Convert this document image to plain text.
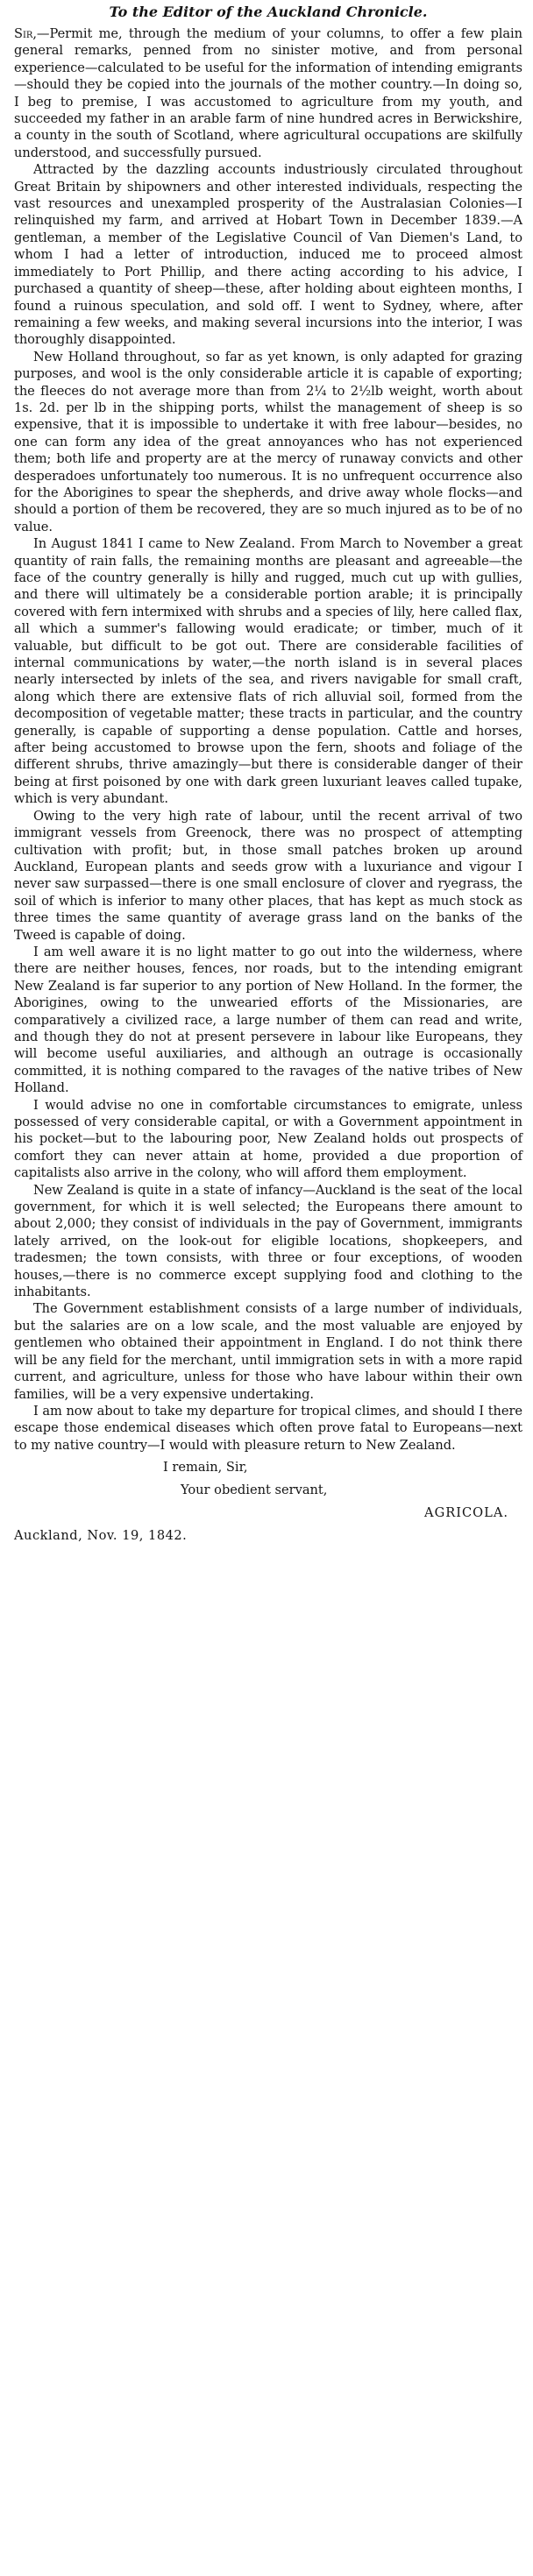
To the Editor of the Auckland Chronicle.

Sir,—Permit me, through the medium of your columns, to offer a few plain general remarks, penned from no sinister motive, and from personal experience—calculated to be useful for the information of intending emigrants—should they be copied into the journals of the mother country.—In doing so, I beg to premise, I was accustomed to agriculture from my youth, and succeeded my father in an arable farm of nine hundred acres in Berwickshire, a county in the south of Scotland, where agricultural occupations are skilfully understood, and successfully pursued.

Attracted by the dazzling accounts industriously circulated throughout Great Britain by shipowners and other interested individuals, respecting the vast resources and unexampled prosperity of the Australasian Colonies—I relinquished my farm, and arrived at Hobart Town in December 1839.—A gentleman, a member of the Legislative Council of Van Diemen's Land, to whom I had a letter of introduction, induced me to proceed almost immediately to Port Phillip, and there acting according to his advice, I purchased a quantity of sheep—these, after holding about eighteen months, I found a ruinous speculation, and sold off. I went to Sydney, where, after remaining a few weeks, and making several incursions into the interior, I was thoroughly disappointed.

New Holland throughout, so far as yet known, is only adapted for grazing purposes, and wool is the only considerable article it is capable of exporting; the fleeces do not average more than from 2¼ to 2½lb weight, worth about 1s. 2d. per lb in the shipping ports, whilst the management of sheep is so expensive, that it is impossible to undertake it with free labour—besides, no one can form any idea of the great annoyances who has not experienced them; both life and property are at the mercy of runaway convicts and other desperadoes unfortunately too numerous. It is no unfrequent occurrence also for the Aborigines to spear the shepherds, and drive away whole flocks—and should a portion of them be recovered, they are so much injured as to be of no value.

In August 1841 I came to New Zealand. From March to November a great quantity of rain falls, the remaining months are pleasant and agreeable—the face of the country generally is hilly and rugged, much cut up with gullies, and there will ultimately be a considerable portion arable; it is principally covered with fern intermixed with shrubs and a species of lily, here called flax, all which a summer's fallowing would eradicate; or timber, much of it valuable, but difficult to be got out. There are considerable facilities of internal communications by water,—the north island is in several places nearly intersected by inlets of the sea, and rivers navigable for small craft, along which there are extensive flats of rich alluvial soil, formed from the decomposition of vegetable matter; these tracts in particular, and the country generally, is capable of supporting a dense population. Cattle and horses, after being accustomed to browse upon the fern, shoots and foliage of the different shrubs, thrive amazingly—but there is considerable danger of their being at first poisoned by one with dark green luxuriant leaves called tupake, which is very abundant.

Owing to the very high rate of labour, until the recent arrival of two immigrant vessels from Greenock, there was no prospect of attempting cultivation with profit; but, in those small patches broken up around Auckland, European plants and seeds grow with a luxuriance and vigour I never saw surpassed—there is one small enclosure of clover and ryegrass, the soil of which is inferior to many other places, that has kept as much stock as three times the same quantity of average grass land on the banks of the Tweed is capable of doing.

I am well aware it is no light matter to go out into the wilderness, where there are neither houses, fences, nor roads, but to the intending emigrant New Zealand is far superior to any portion of New Holland. In the former, the Aborigines, owing to the unwearied efforts of the Missionaries, are comparatively a civilized race, a large number of them can read and write, and though they do not at present persevere in labour like Europeans, they will become useful auxiliaries, and although an outrage is occasionally committed, it is nothing compared to the ravages of the native tribes of New Holland.

I would advise no one in comfortable circumstances to emigrate, unless possessed of very considerable capital, or with a Government appointment in his pocket—but to the labouring poor, New Zealand holds out prospects of comfort they can never attain at home, provided a due proportion of capitalists also arrive in the colony, who will afford them employment.

New Zealand is quite in a state of infancy—Auckland is the seat of the local government, for which it is well selected; the Europeans there amount to about 2,000; they consist of individuals in the pay of Government, immigrants lately arrived, on the look-out for eligible locations, shopkeepers, and tradesmen; the town consists, with three or four exceptions, of wooden houses,—there is no commerce except supplying food and clothing to the inhabitants.

The Government establishment consists of a large number of individuals, but the salaries are on a low scale, and the most valuable are enjoyed by gentlemen who obtained their appointment in England. I do not think there will be any field for the merchant, until immigration sets in with a more rapid current, and agriculture, unless for those who have labour within their own families, will be a very expensive undertaking.

I am now about to take my departure for tropical climes, and should I there escape those endemical diseases which often prove fatal to Europeans—next to my native country—I would with pleasure return to New Zealand.

I remain, Sir,
Your obedient servant,
AGRICOLA.
Auckland, Nov. 19, 1842.
